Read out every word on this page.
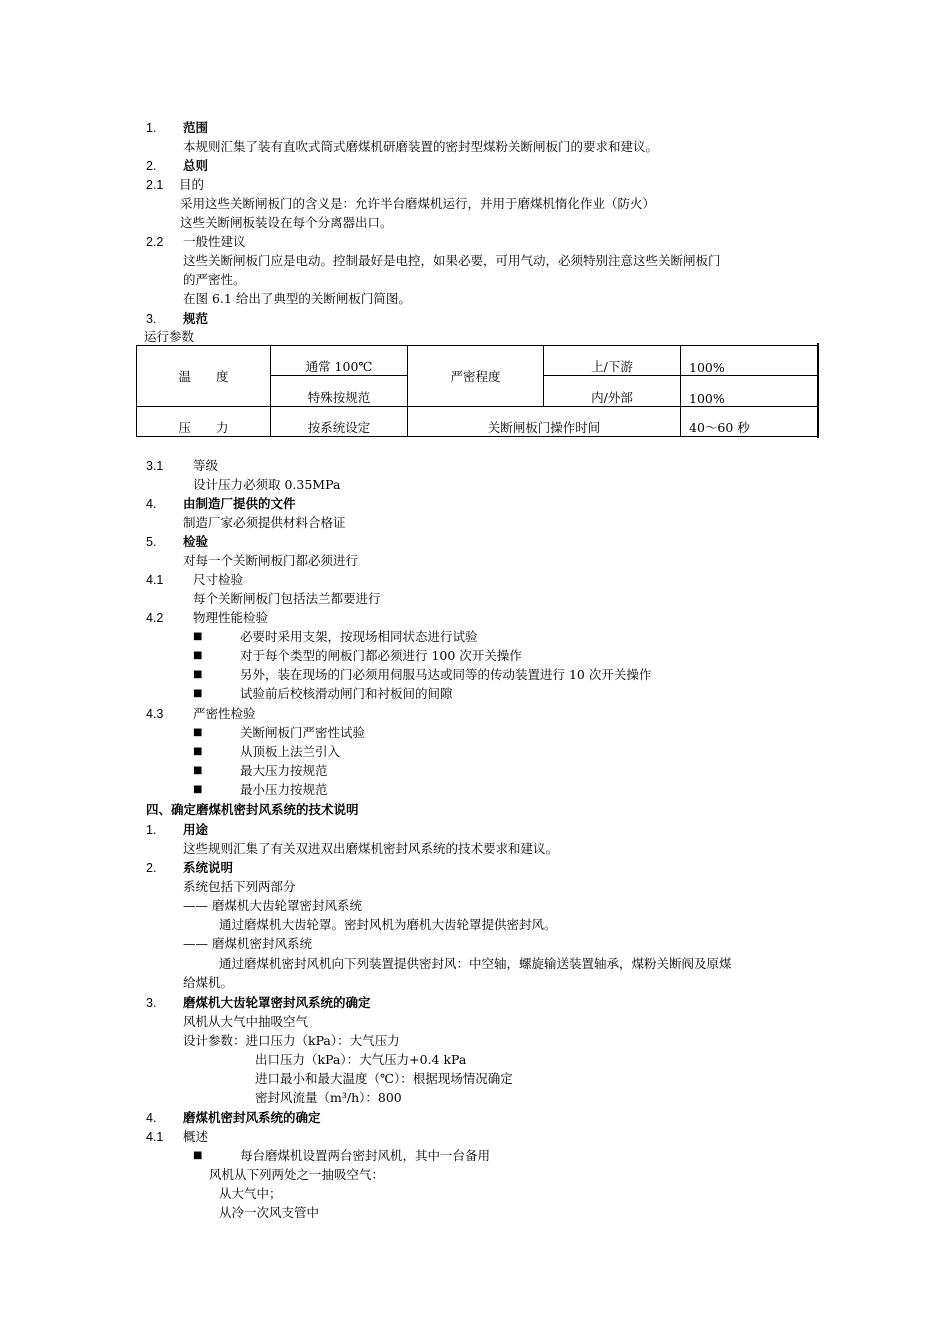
1. 范围
本规则汇集了装有直吹式筒式磨煤机研磨装置的密封型煤粉关断闸板门的要求和建议。
2. 总则
2.1 目的
采用这些关断闸板门的含义是：允许半台磨煤机运行，并用于磨煤机惰化作业（防火）
这些关断闸板装设在每个分离器出口。
2.2 一般性建议
这些关断闸板门应是电动。控制最好是电控，如果必要，可用气动，必须特别注意这些关断闸板门
的严密性。
在图 6.1 给出了典型的关断闸板门简图。
3. 规范
运行参数
温　　度	通常 100℃	严密程度	上/下游	100%
	特殊按规范		内/外部	100%
压　　力	按系统设定	关断闸板门操作时间		40～60 秒
3.1 等级
设计压力必须取 0.35MPa
4. 由制造厂提供的文件
制造厂家必须提供材料合格证
5. 检验
对每一个关断闸板门都必须进行
4.1 尺寸检验
每个关断闸板门包括法兰都要进行
4.2 物理性能检验
■	必要时采用支架，按现场相同状态进行试验
■	对于每个类型的闸板门都必须进行 100 次开关操作
■	另外，装在现场的门必须用伺服马达或同等的传动装置进行 10 次开关操作
■	试验前后校核滑动闸门和衬板间的间隙
4.3 严密性检验
■	关断闸板门严密性试验
■	从顶板上法兰引入
■	最大压力按规范
■	最小压力按规范
四、确定磨煤机密封风系统的技术说明
1. 用途
这些规则汇集了有关双进双出磨煤机密封风系统的技术要求和建议。
2. 系统说明
系统包括下列两部分
—— 磨煤机大齿轮罩密封风系统
通过磨煤机大齿轮罩。密封风机为磨机大齿轮罩提供密封风。
—— 磨煤机密封风系统
通过磨煤机密封风机向下列装置提供密封风：中空轴，螺旋输送装置轴承，煤粉关断阀及原煤
给煤机。
3. 磨煤机大齿轮罩密封风系统的确定
风机从大气中抽吸空气
设计参数：进口压力（kPa）：大气压力
出口压力（kPa）：大气压力+0.4 kPa
进口最小和最大温度（℃）：根据现场情况确定
密封风流量（m³/h）：800
4. 磨煤机密封风系统的确定
4.1 概述
■	每台磨煤机设置两台密封风机，其中一台备用
风机从下列两处之一抽吸空气：
从大气中；
从冷一次风支管中
